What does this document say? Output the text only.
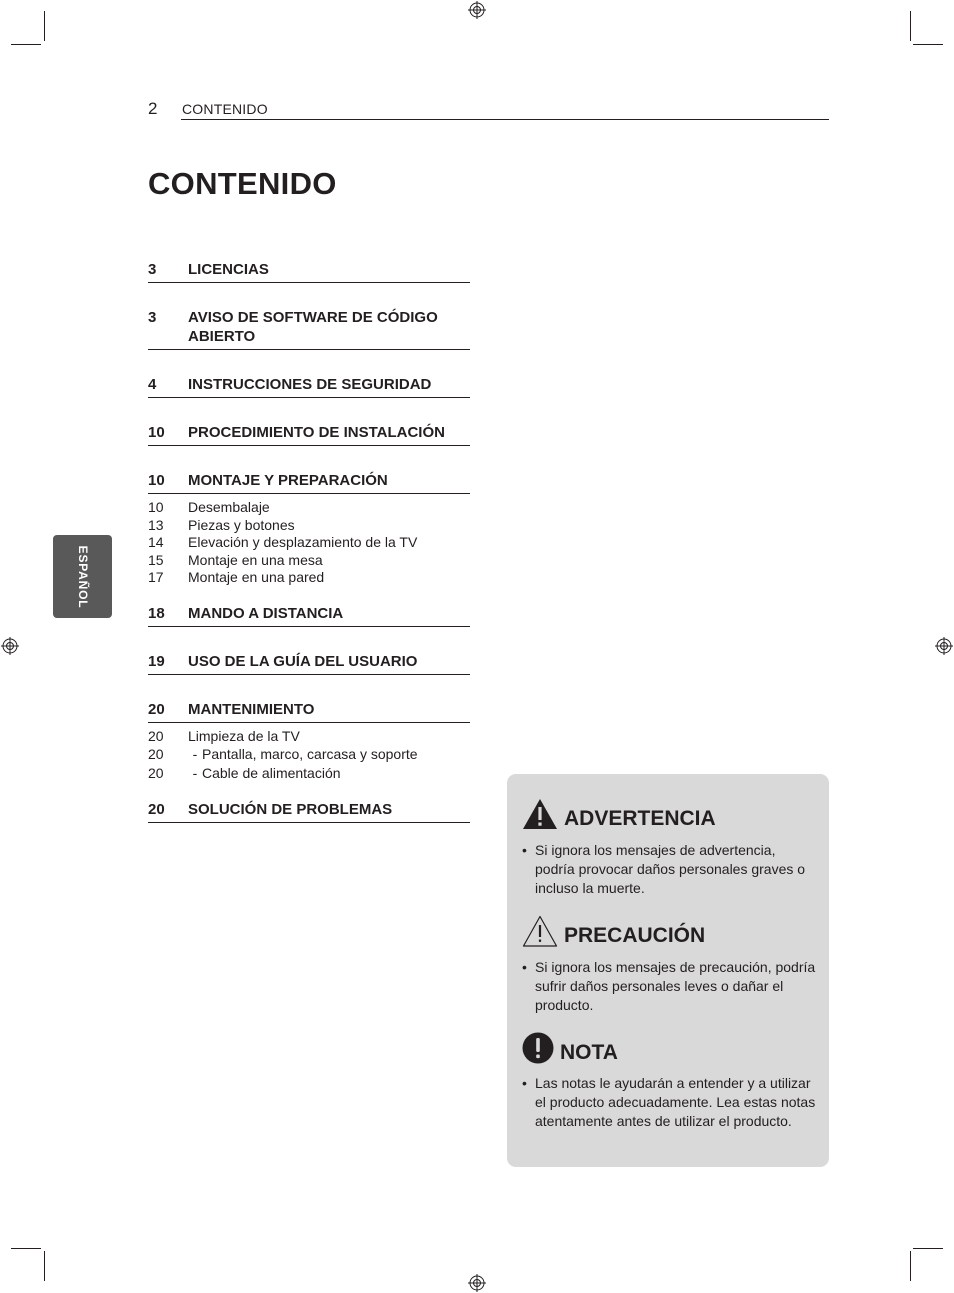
2 CONTENIDO
CONTENIDO
3	LICENCIAS
3	AVISO DE SOFTWARE DE CÓDIGO ABIERTO
4	INSTRUCCIONES DE SEGURIDAD
10	PROCEDIMIENTO DE INSTALACIÓN
10	MONTAJE Y PREPARACIÓN
10	Desembalaje
13	Piezas y botones
14	Elevación y desplazamiento de la TV
15	Montaje en una mesa
17	Montaje en una pared
18	MANDO A DISTANCIA
19	USO DE LA GUÍA DEL USUARIO
20	MANTENIMIENTO
20	Limpieza de la TV
20	- Pantalla, marco, carcasa y soporte
20	- Cable de alimentación
20	SOLUCIÓN DE PROBLEMAS
ESPAÑOL
ADVERTENCIA
• Si ignora los mensajes de advertencia, podría provocar daños personales graves o incluso la muerte.
PRECAUCIÓN
• Si ignora los mensajes de precaución, podría sufrir daños personales leves o dañar el producto.
NOTA
• Las notas le ayudarán a entender y a utilizar el producto adecuadamente. Lea estas notas atentamente antes de utilizar el producto.
